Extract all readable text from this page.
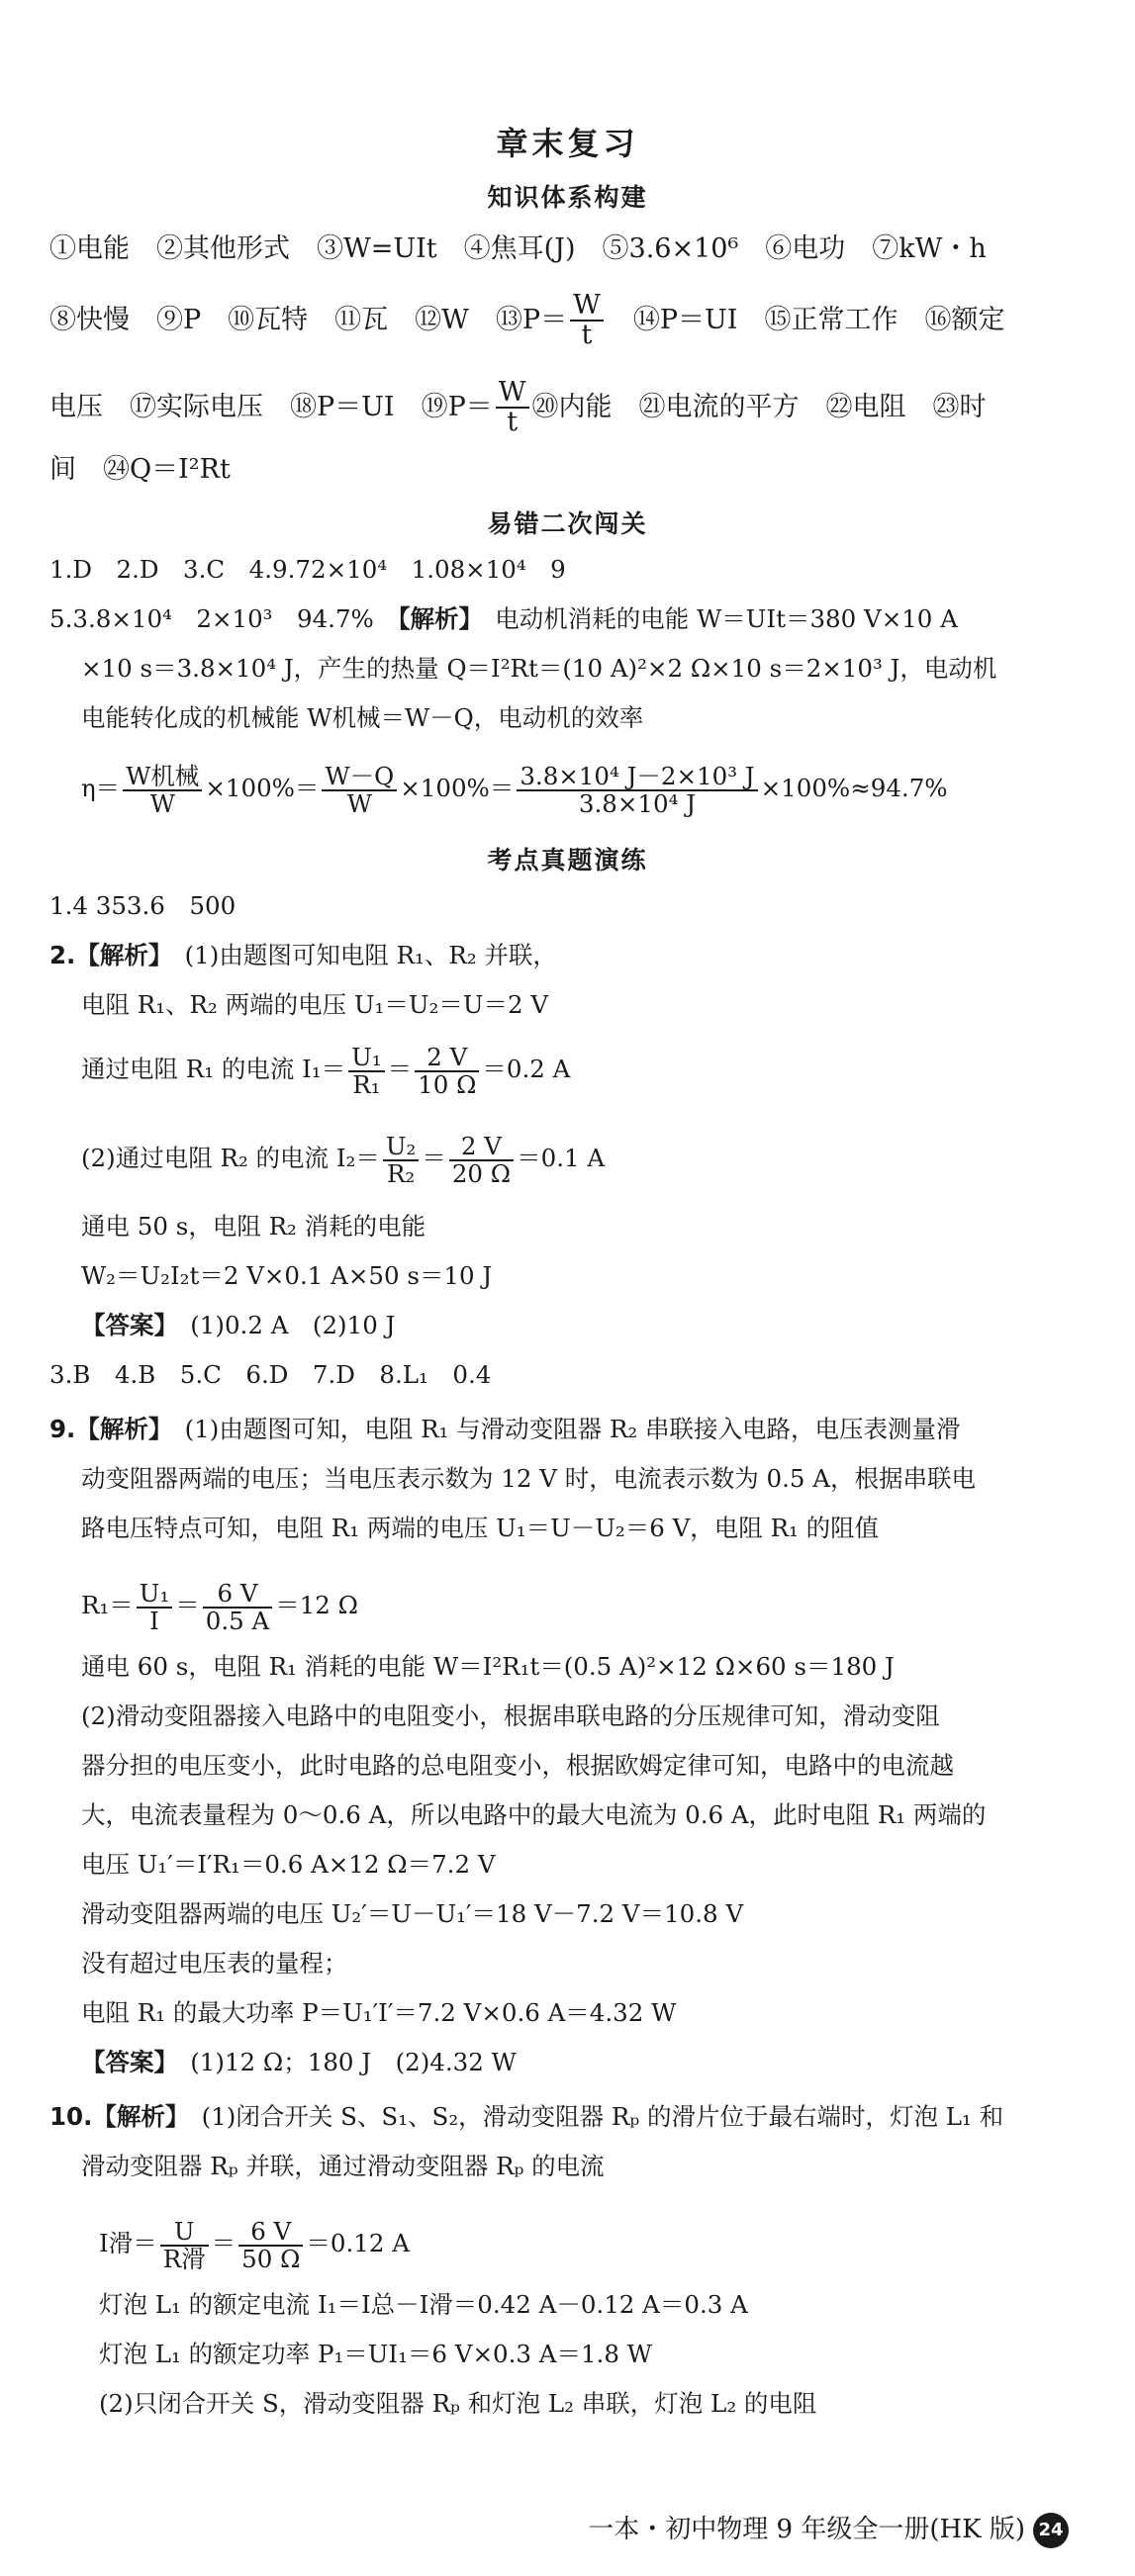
章末复习
知识体系构建
①电能　②其他形式　③W=UIt　④焦耳(J)　⑤3.6×10⁶　⑥电功　⑦kW・h
⑧快慢　⑨P　⑩瓦特　⑪瓦　⑫W　⑬P＝ $\frac{W}{t}$ 　⑭P＝UI　⑮正常工作　⑯额定
电压　⑰实际电压　⑱P＝UI　⑲P＝ $\frac{W}{t}$ ⑳内能　㉑电流的平方　㉒电阻　㉓时
间　㉔Q＝I²Rt
易错二次闯关
1.D　2.D　3.C　4.9.72×10⁴　1.08×10⁴　9
5.3.8×10⁴　2×10³　94.7%　【解析】　电动机消耗的电能 W＝UIt＝380 V×10 A
×10 s＝3.8×10⁴ J，产生的热量 Q＝I²Rt＝(10 A)²×2 Ω×10 s＝2×10³ J，电动机
电能转化成的机械能 W机械＝W－Q，电动机的效率
$\eta= \frac{\text{W机械}}{W} \times 100\%= \frac{W-Q}{W} \times 100\%= \frac{\text{3.8×10⁴ J－2×10³ J}}{\text{3.8×10⁴ J}} \times 100\%\approx 94.7\%$
考点真题演练
1.4 353.6　500
2.【解析】　(1)由题图可知电阻 R₁、R₂ 并联，
电阻 R₁、R₂ 两端的电压 U₁＝U₂＝U＝2 V
通过电阻 R₁ 的电流 $I_1= \frac{\text{U₁}}{\text{R₁}} = \frac{2 V}{10 \Omega} =0.2$ A
(2)通过电阻 R₂ 的电流 $I_2= \frac{\text{U₂}}{\text{R₂}} = \frac{2 V}{20 \Omega} =0.1$ A
通电 50 s，电阻 R₂ 消耗的电能
W₂＝U₂I₂t＝2 V×0.1 A×50 s＝10 J
【答案】　(1)0.2 A　(2)10 J
3.B　4.B　5.C　6.D　7.D　8.L₁　0.4
9.【解析】　(1)由题图可知，电阻 R₁ 与滑动变阻器 R₂ 串联接入电路，电压表测量滑
动变阻器两端的电压；当电压表示数为 12 V 时，电流表示数为 0.5 A，根据串联电
路电压特点可知，电阻 R₁ 两端的电压 U₁＝U－U₂＝6 V，电阻 R₁ 的阻值
$R_1= \frac{\text{U₁}}{I} = \frac{6 V}{0.5 A} =12$ Ω
通电 60 s，电阻 R₁ 消耗的电能 W＝I²R₁t＝(0.5 A)²×12 Ω×60 s＝180 J
(2)滑动变阻器接入电路中的电阻变小，根据串联电路的分压规律可知，滑动变阻
器分担的电压变小，此时电路的总电阻变小，根据欧姆定律可知，电路中的电流越
大，电流表量程为 0～0.6 A，所以电路中的最大电流为 0.6 A，此时电阻 R₁ 两端的
电压 U₁′＝I′R₁＝0.6 A×12 Ω＝7.2 V
滑动变阻器两端的电压 U₂′＝U－U₁′＝18 V－7.2 V＝10.8 V
没有超过电压表的量程；
电阻 R₁ 的最大功率 P＝U₁′I′＝7.2 V×0.6 A＝4.32 W
【答案】　(1)12 Ω；180 J　(2)4.32 W
10.【解析】　(1)闭合开关 S、S₁、S₂，滑动变阻器 Rₚ 的滑片位于最右端时，灯泡 L₁ 和
滑动变阻器 Rₚ 并联，通过滑动变阻器 Rₚ 的电流
I滑＝ $\frac{U}{\text{R滑}} = \frac{6 V}{50 \Omega} =0.12$ A
灯泡 L₁ 的额定电流 I₁＝I总－I滑＝0.42 A－0.12 A＝0.3 A
灯泡 L₁ 的额定功率 P₁＝UI₁＝6 V×0.3 A＝1.8 W
(2)只闭合开关 S，滑动变阻器 Rₚ 和灯泡 L₂ 串联，灯泡 L₂ 的电阻
一本・初中物理 9 年级全一册(HK 版) 24
